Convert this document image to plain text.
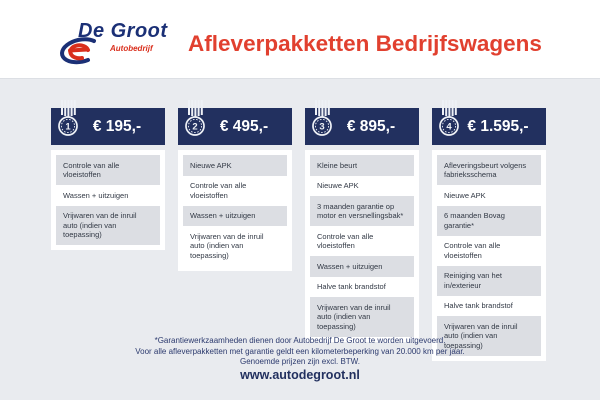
De Groot
Autobedrijf	Afleverpakketten Bedrijfswagens
1	€ 195,-
Controle van alle vloeistoffen
Wassen + uitzuigen
Vrijwaren van de inruil auto (indien van toepassing)
2	€ 495,-
Nieuwe APK
Controle van alle vloeistoffen
Wassen + uitzuigen
Vrijwaren van de inruil auto (indien van toepassing)
3	€ 895,-
Kleine beurt
Nieuwe APK
3 maanden garantie op motor en versnellingsbak*
Controle van alle vloeistoffen
Wassen + uitzuigen
Halve tank brandstof
Vrijwaren van de inruil auto (indien van toepassing)
4	€ 1.595,-
Afleveringsbeurt volgens fabrieksschema
Nieuwe APK
6 maanden Bovag garantie*
Controle van alle vloeistoffen
Reiniging van het in/exterieur
Halve tank brandstof
Vrijwaren van de inruil auto (indien van toepassing)
*Garantiewerkzaamheden dienen door Autobedrijf De Groot te worden uitgevoerd.
Voor alle afleverpakketten met garantie geldt een kilometerbeperking van 20.000 km per jaar.
Genoemde prijzen zijn excl. BTW.
www.autodegroot.nl
